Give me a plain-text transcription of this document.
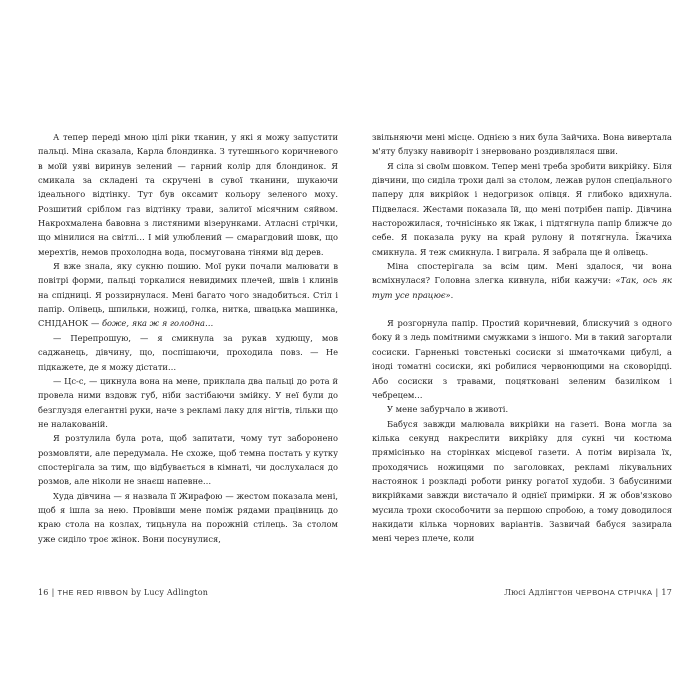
А тепер переді мною цілі ріки тканин, у які я можу запустити пальці. Міна сказала, Карла блондинка. З тутешнього коричневого в моїй уяві виринув зелений — гарний колір для блондинок. Я смикала за складені та скручені в сувої тканини, шукаючи ідеального відтінку. Тут був оксамит кольору зеленого моху. Розшитий сріблом газ відтінку трави, залитої місячним сяйвом. Накрохмалена бавовна з листяними візерунками. Атласні стрічки, що мінилися на світлі… І мій улюблений — смарагдовий шовк, що мерехтів, немов прохолодна вода, посмугована тінями від дерев.

Я вже знала, яку сукню пошию. Мої руки почали малювати в повітрі форми, пальці торкалися невидимих плечей, швів і клинів на спідниці. Я роззирнулася. Мені багато чого знадобиться. Стіл і папір. Олівець, шпильки, ножиці, голка, нитка, швацька машинка, СНІДАНОК — боже, яка ж я голодна…

— Перепрошую, — я смикнула за рукав худющу, мов саджанець, дівчину, що, поспішаючи, проходила повз. — Не підкажете, де я можу дістати…

— Цс-с, — цикнула вона на мене, приклала два пальці до рота й провела ними вздовж губ, ніби застібаючи змійку. У неї були до безглуздя елегантні руки, наче з рекламі лаку для нігтів, тільки що не налакованій.

Я розтулила була рота, щоб запитати, чому тут заборонено розмовляти, але передумала. Не схоже, щоб темна постать у кутку спостерігала за тим, що відбувається в кімнаті, чи дослухалася до розмов, але ніколи не знаєш напевне…

Худа дівчина — я назвала її Жирафою — жестом показала мені, щоб я ішла за нею. Провівши мене поміж рядами працівниць до краю стола на козлах, тицьнула на порожній стілець. За столом уже сиділо троє жінок. Вони посунулися,

16 | THE RED RIBBON by Lucy Adlington

звільняючи мені місце. Однією з них була Зайчиха. Вона вивертала м'яту блузку навиворіт і знервовано роздивлялася шви.

Я сіла зі своїм шовком. Тепер мені треба зробити викрійку. Біля дівчини, що сиділа трохи далі за столом, лежав рулон спеціального паперу для викрійок і недогризок олівця. Я глибоко вдихнула. Підвелася. Жестами показала їй, що мені потрібен папір. Дівчина насторожилася, точнісінько як їжак, і підтягнула папір ближче до себе. Я показала руку на край рулону й потягнула. Їжачиха смикнула. Я теж смикнула. І виграла. Я забрала ще й олівець.

Міна спостерігала за всім цим. Мені здалося, чи вона всміхнулася? Головна злегка кивнула, ніби кажучи: «Так, ось як тут усе працює».

Я розгорнула папір. Простий коричневий, блискучий з одного боку й з ледь помітними смужками з іншого. Ми в такий загортали сосиски. Гарненькі товстенькі сосиски зі шматочками цибулі, а іноді томатні сосиски, які робилися червонющими на сковорідці. Або сосиски з травами, поцятковані зеленим базиліком і чебрецем…

У мене забурчало в животі.

Бабуся завжди малювала викрійки на газеті. Вона могла за кілька секунд накреслити викрійку для сукні чи костюма прямісінько на сторінках місцевої газети. А потім вирізала їх, проходячись ножицями по заголовках, рекламі лікувальних настоянок і розкладі роботи ринку рогатої худоби. З бабусиними викрійками завжди вистачало й однієї примірки. Я ж обов'язково мусила трохи скособочити за першою спробою, а тому доводилося накидати кілька чорнових варіантів. Зазвичай бабуся зазирала мені через плече, коли

Люсі Адлінгтон ЧЕРВОНА СТРІЧКА | 17
